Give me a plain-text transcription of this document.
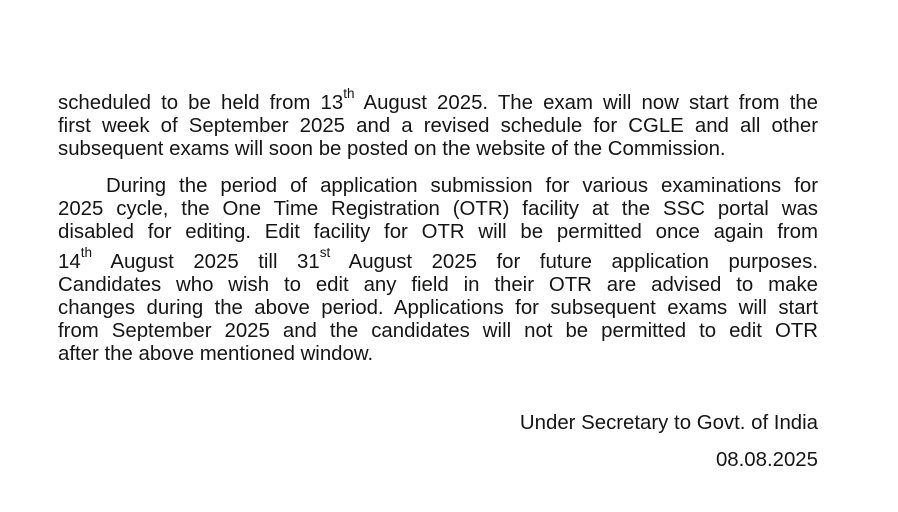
scheduled to be held from 13th August 2025. The exam will now start from the
first week of September 2025 and a revised schedule for CGLE and all other
subsequent exams will soon be posted on the website of the Commission.
During the period of application submission for various examinations for
2025 cycle, the One Time Registration (OTR) facility at the SSC portal was
disabled for editing. Edit facility for OTR will be permitted once again from
14th August 2025 till 31st August 2025 for future application purposes.
Candidates who wish to edit any field in their OTR are advised to make
changes during the above period. Applications for subsequent exams will start
from September 2025 and the candidates will not be permitted to edit OTR
after the above mentioned window.
Under Secretary to Govt. of India
08.08.2025
